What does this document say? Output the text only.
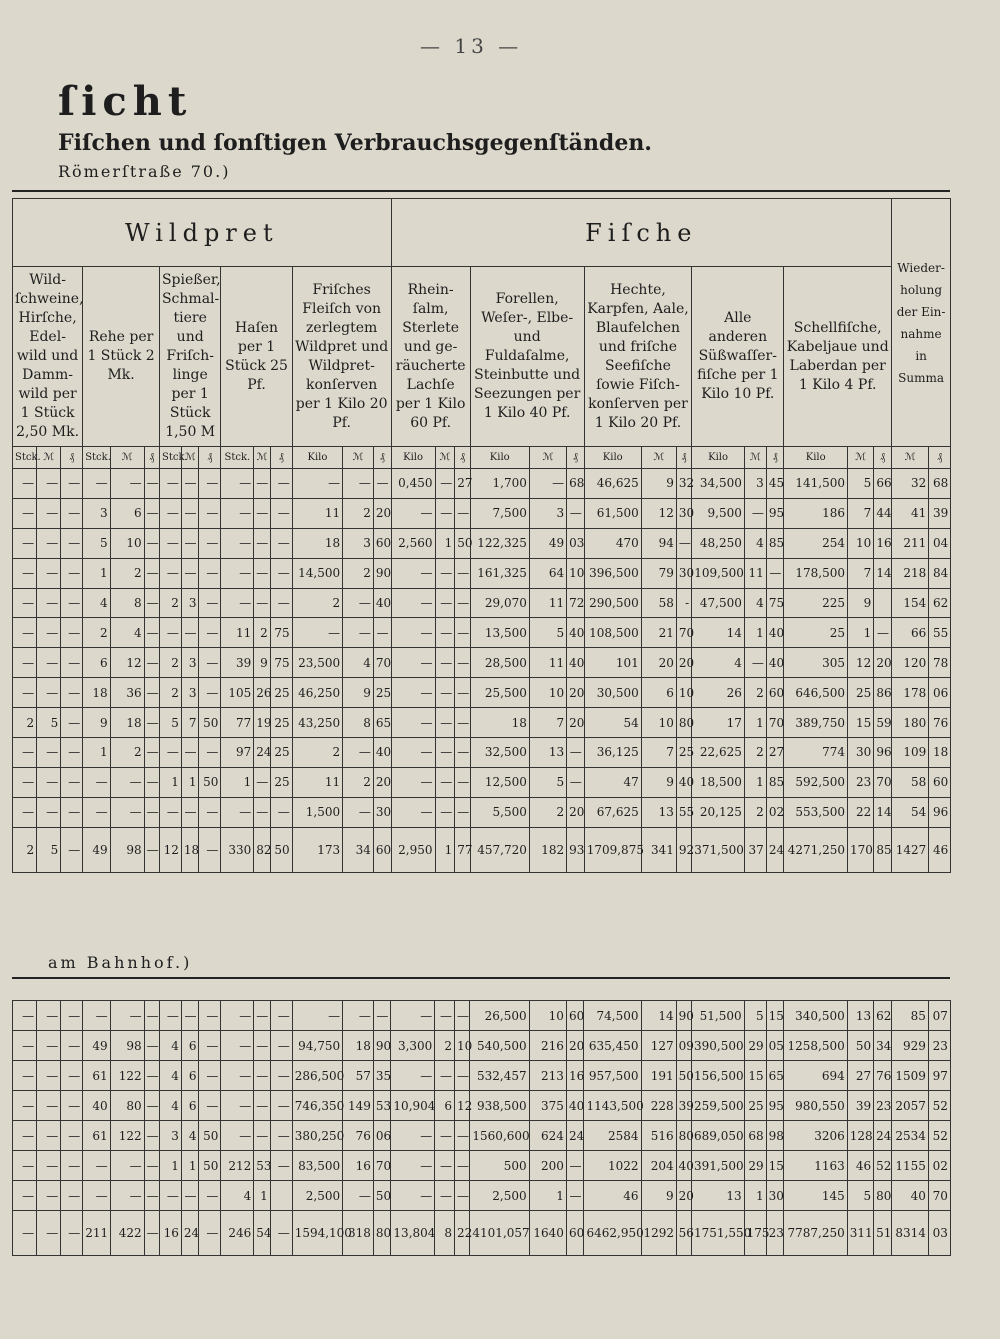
— 13 —
ſicht
Fiſchen und ſonſtigen Verbrauchsgegenſtänden.
Römerſtraße 70.)
Wildpret															Fiſche															Wieder- holung der Ein- nahme in Summa	
Wild- ſchweine, Hirſche, Edel- wild und Damm- wild per 1 Stück 2,50 Mk.			Rehe per 1 Stück 2 Mk.			Spießer, Schmal- tiere und Friſch- linge per 1 Stück 1,50 M			Haſen per 1 Stück 25 Pf.			Friſches Fleiſch von zerlegtem Wildpret und Wildpret- konſerven per 1 Kilo 20 Pf.			Rhein- ſalm, Sterlete und ge- räucherte Lachſe per 1 Kilo 60 Pf.			Forellen, Weſer-, Elbe- und Fuldaſalme, Steinbutte und Seezungen per 1 Kilo 40 Pf.			Hechte, Karpfen, Aale, Blaufelchen und friſche Seefiſche ſowie Fiſch- konſerven per 1 Kilo 20 Pf.			Alle anderen Süßwaſſer- fiſche per 1 Kilo 10 Pf.			Schellfiſche, Kabeljaue und Laberdan per 1 Kilo 4 Pf.				
Stck.	ℳ	₰	Stck.	ℳ	₰	Stck.	ℳ	₰	Stck.	ℳ	₰	Kilo	ℳ	₰	Kilo	ℳ	₰	Kilo	ℳ	₰	Kilo	ℳ	₰	Kilo	ℳ	₰	Kilo	ℳ	₰	ℳ	₰
—	—	—	—	—	—	—	—	—	—	—	—	—	—	—	0,450	—	27	1,700	—	68	46,625	9	32	34,500	3	45	141,500	5	66	32	68
—	—	—	3	6	—	—	—	—	—	—	—	11	2	20	—	—	—	7,500	3	—	61,500	12	30	9,500	—	95	186	7	44	41	39
—	—	—	5	10	—	—	—	—	—	—	—	18	3	60	2,560	1	50	122,325	49	03	470	94	—	48,250	4	85	254	10	16	211	04
—	—	—	1	2	—	—	—	—	—	—	—	14,500	2	90	—	—	—	161,325	64	10	396,500	79	30	109,500	11	—	178,500	7	14	218	84
—	—	—	4	8	—	2	3	—	—	—	—	2	—	40	—	—	—	29,070	11	72	290,500	58	-	47,500	4	75	225	9		154	62
—	—	—	2	4	—	—	—	—	11	2	75	—	—	—	—	—	—	13,500	5	40	108,500	21	70	14	1	40	25	1	—	66	55
—	—	—	6	12	—	2	3	—	39	9	75	23,500	4	70	—	—	—	28,500	11	40	101	20	20	4	—	40	305	12	20	120	78
—	—	—	18	36	—	2	3	—	105	26	25	46,250	9	25	—	—	—	25,500	10	20	30,500	6	10	26	2	60	646,500	25	86	178	06
2	5	—	9	18	—	5	7	50	77	19	25	43,250	8	65	—	—	—	18	7	20	54	10	80	17	1	70	389,750	15	59	180	76
—	—	—	1	2	—	—	—	—	97	24	25	2	—	40	—	—	—	32,500	13	—	36,125	7	25	22,625	2	27	774	30	96	109	18
—	—	—	—	—	—	1	1	50	1	—	25	11	2	20	—	—	—	12,500	5	—	47	9	40	18,500	1	85	592,500	23	70	58	60
—	—	—	—	—	—	—	—	—	—	—	—	1,500	—	30	—	—	—	5,500	2	20	67,625	13	55	20,125	2	02	553,500	22	14	54	96
2	5	—	49	98	—	12	18	—	330	82	50	173	34	60	2,950	1	77	457,720	182	93	1709,875	341	92	371,500	37	24	4271,250	170	85	1427	46
am Bahnhof.)
—	—	—	—	—	—	—	—	—	—	—	—	—	—	—	—	—	—	26,500	10	60	74,500	14	90	51,500	5	15	340,500	13	62	85	07
—	—	—	49	98	—	4	6	—	—	—	—	94,750	18	90	3,300	2	10	540,500	216	20	635,450	127	09	390,500	29	05	1258,500	50	34	929	23
—	—	—	61	122	—	4	6	—	—	—	—	286,500	57	35	—	—	—	532,457	213	16	957,500	191	50	156,500	15	65	694	27	76	1509	97
—	—	—	40	80	—	4	6	—	—	—	—	746,350	149	53	10,904	6	12	938,500	375	40	1143,500	228	39	259,500	25	95	980,550	39	23	2057	52
—	—	—	61	122	—	3	4	50	—	—	—	380,250	76	06	—	—	—	1560,600	624	24	2584	516	80	689,050	68	98	3206	128	24	2534	52
—	—	—	—	—	—	1	1	50	212	53	—	83,500	16	70	—	—	—	500	200	—	1022	204	40	391,500	29	15	1163	46	52	1155	02
—	—	—	—	—	—	—	—	—	4	1		2,500	—	50	—	—	—	2,500	1	—	46	9	20	13	1	30	145	5	80	40	70
—	—	—	211	422	—	16	24	—	246	54	—	1594,100	318	80	13,804	8	22	4101,057	1640	60	6462,950	1292	56	1751,550	175	23	7787,250	311	51	8314	03
